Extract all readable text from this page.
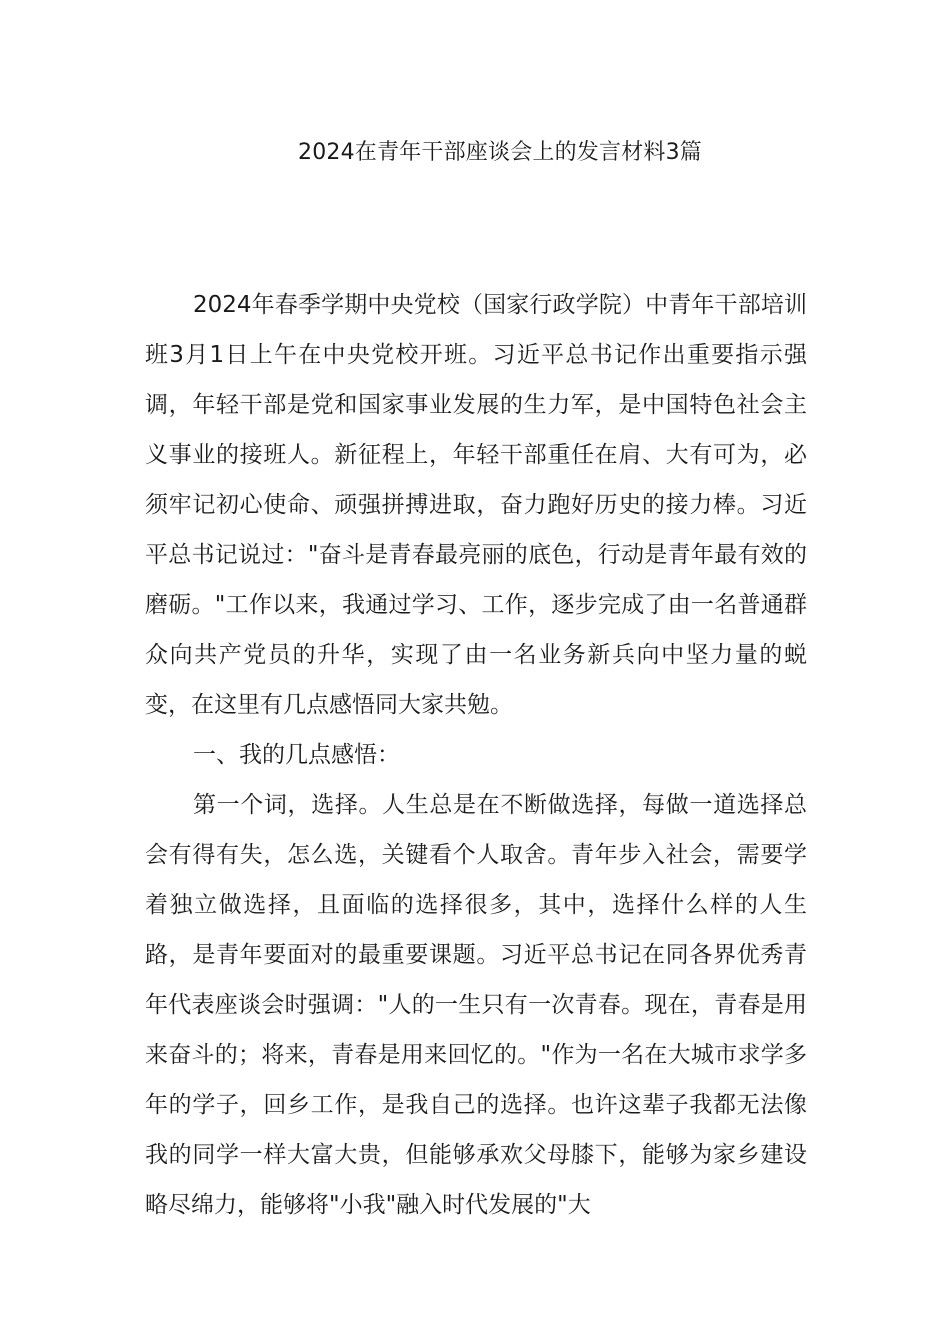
2024在青年干部座谈会上的发言材料3篇

2024年春季学期中央党校（国家行政学院）中青年干部培训班3月1日上午在中央党校开班。习近平总书记作出重要指示强调，年轻干部是党和国家事业发展的生力军，是中国特色社会主义事业的接班人。新征程上，年轻干部重任在肩、大有可为，必须牢记初心使命、顽强拼搏进取，奋力跑好历史的接力棒。习近平总书记说过："奋斗是青春最亮丽的底色，行动是青年最有效的磨砺。"工作以来，我通过学习、工作，逐步完成了由一名普通群众向共产党员的升华，实现了由一名业务新兵向中坚力量的蜕变，在这里有几点感悟同大家共勉。

一、我的几点感悟：

第一个词，选择。人生总是在不断做选择，每做一道选择总会有得有失，怎么选，关键看个人取舍。青年步入社会，需要学着独立做选择，且面临的选择很多，其中，选择什么样的人生路，是青年要面对的最重要课题。习近平总书记在同各界优秀青年代表座谈会时强调："人的一生只有一次青春。现在，青春是用来奋斗的；将来，青春是用来回忆的。"作为一名在大城市求学多年的学子，回乡工作，是我自己的选择。也许这辈子我都无法像我的同学一样大富大贵，但能够承欢父母膝下，能够为家乡建设略尽绵力，能够将"小我"融入时代发展的"大
